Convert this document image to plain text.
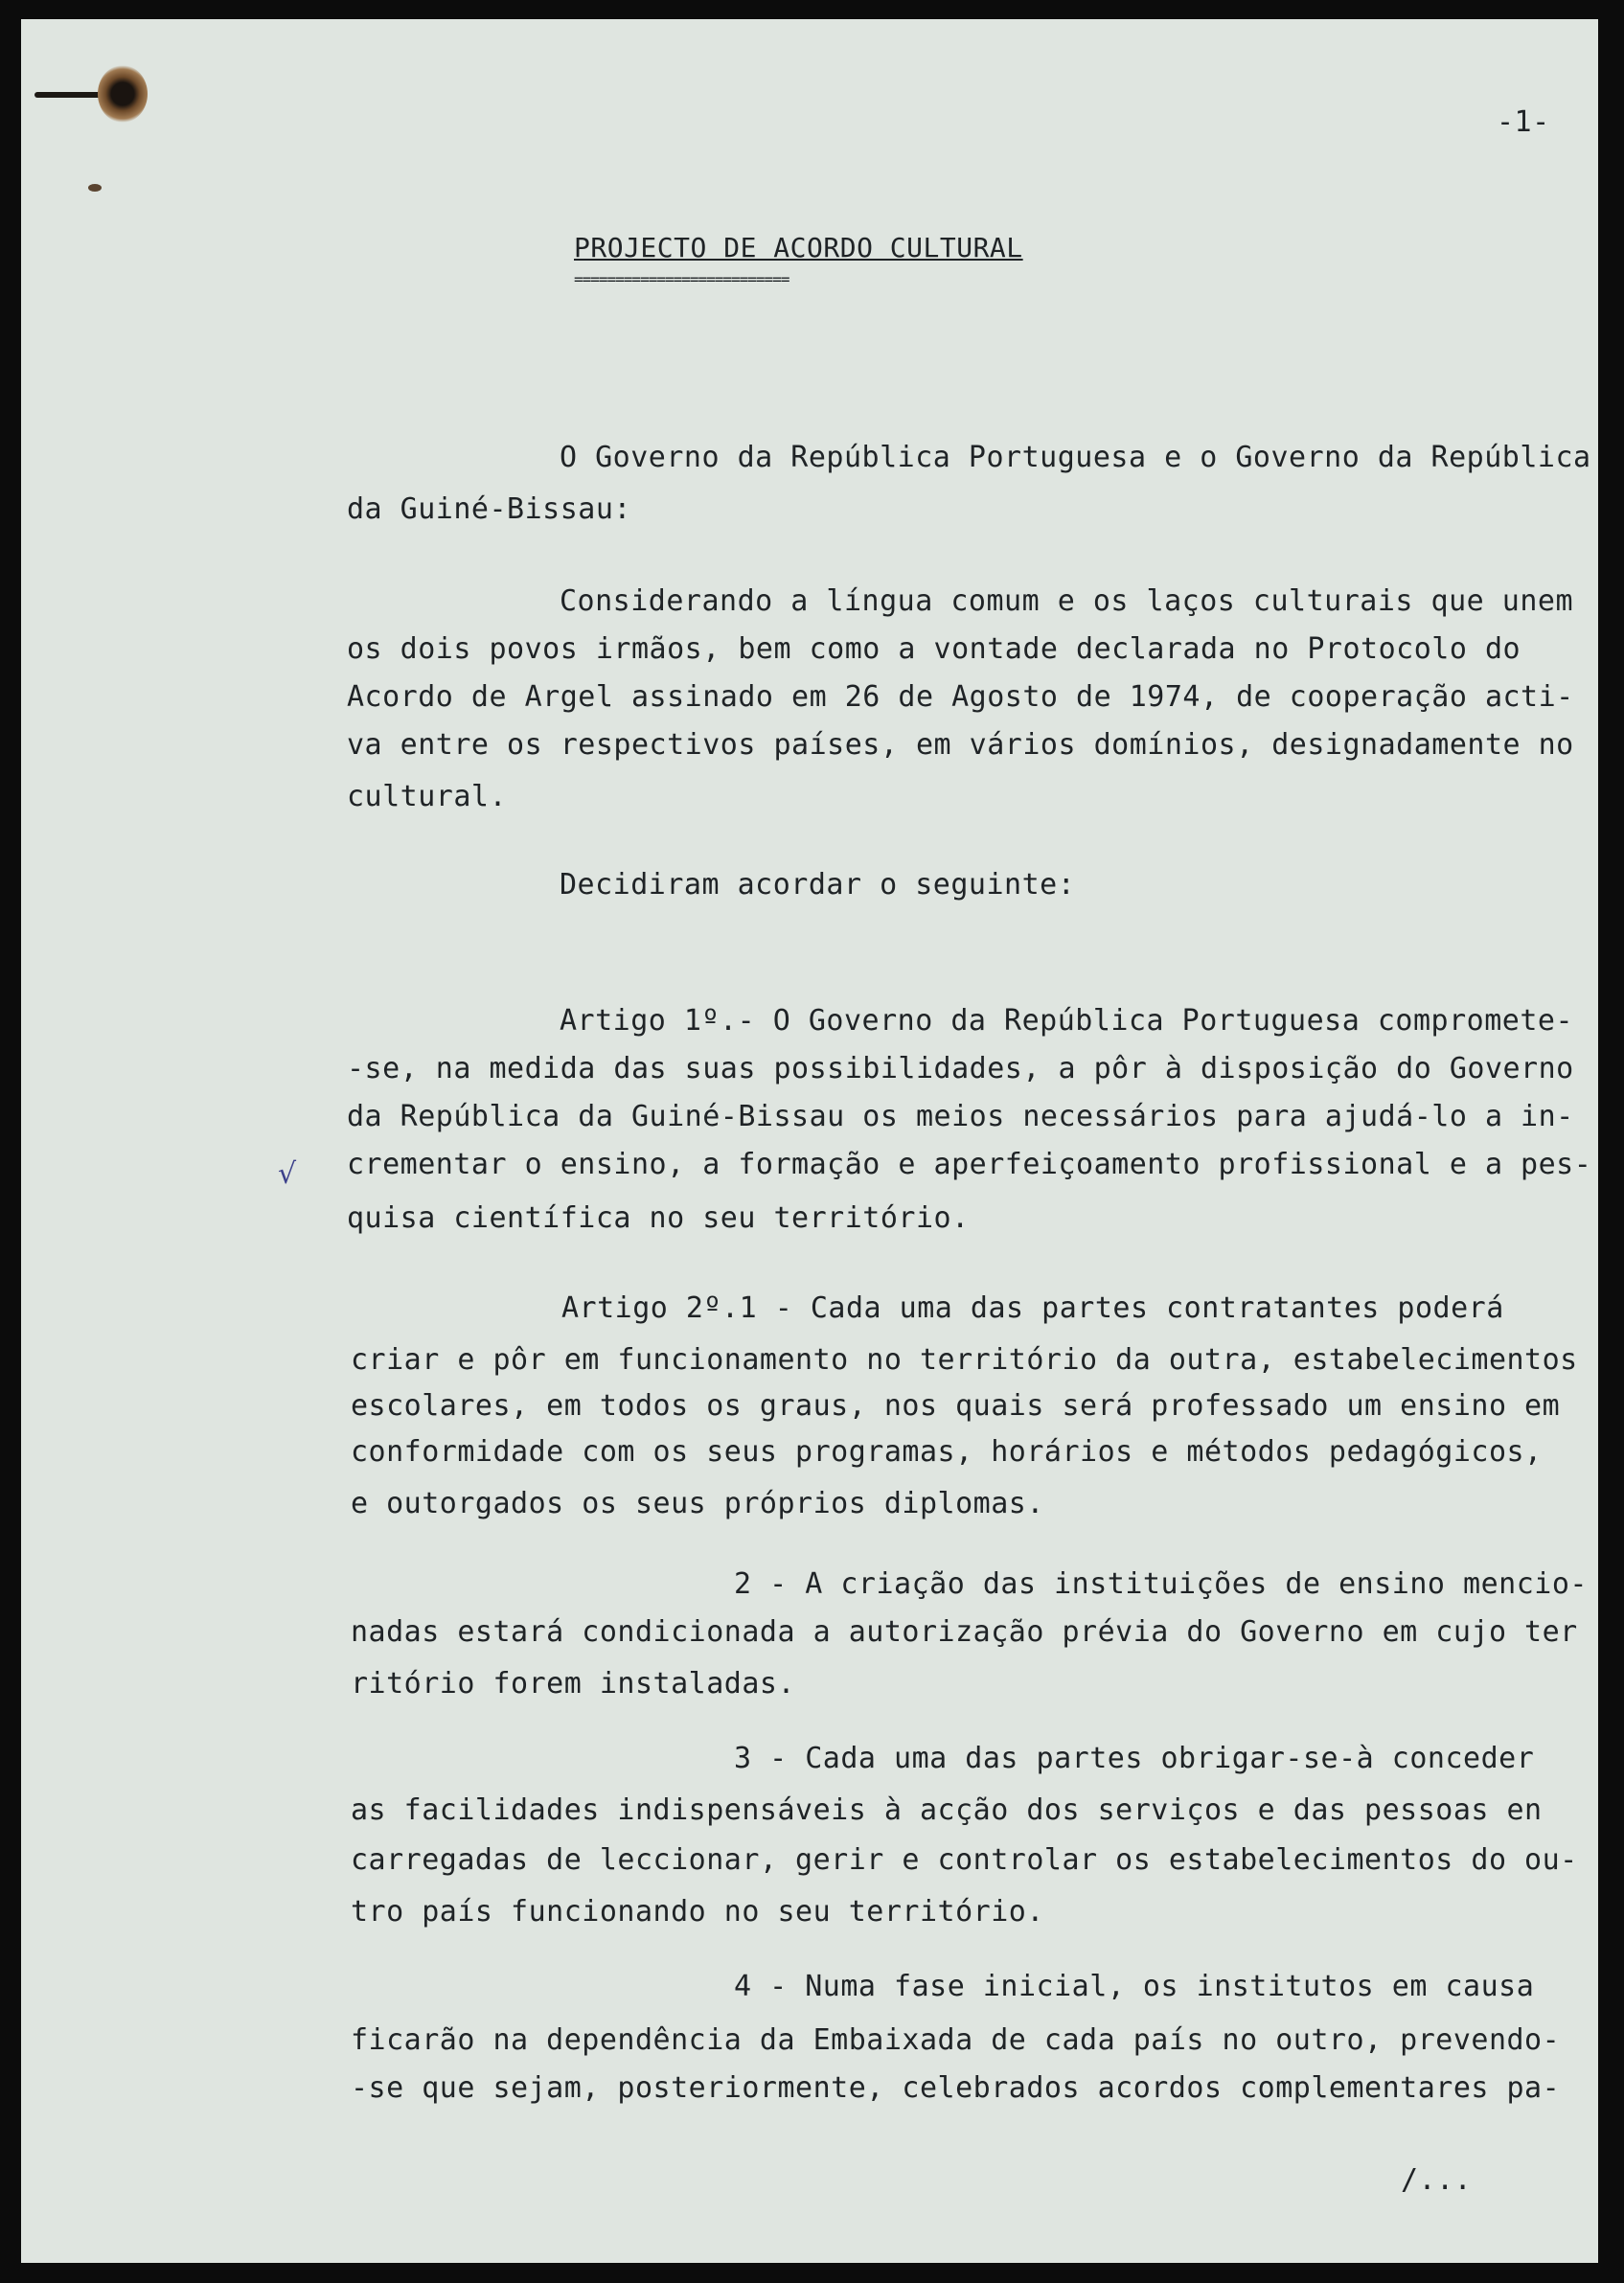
-1-
PROJECTO DE ACORDO CULTURAL
==========================
O Governo da República Portuguesa e o Governo da República
da Guiné-Bissau:
Considerando a língua comum e os laços culturais que unem
os dois povos irmãos, bem como a vontade declarada no Protocolo do
Acordo de Argel assinado em 26 de Agosto de 1974, de cooperação acti-
va entre os respectivos países, em vários domínios, designadamente no
cultural.
Decidiram acordar o seguinte:
Artigo 1º.- O Governo da República Portuguesa comprometе-
-se, na medida das suas possibilidades, a pôr à disposição do Governo
da República da Guiné-Bissau os meios necessários para ajudá-lo a in-
crementar o ensino, a formação e aperfeiçoamento profissional e a pes-
quisa científica no seu território.
Artigo 2º.1 - Cada uma das partes contratantes poderá
criar e pôr em funcionamento no território da outra, estabelecimentos
escolares, em todos os graus, nos quais será professado um ensino em
conformidade com os seus programas, horários e métodos pedagógicos,
e outorgados os seus próprios diplomas.
2 - A criação das instituições de ensino mencio-
nadas estará condicionada a autorização prévia do Governo em cujo ter
ritório forem instaladas.
3 - Cada uma das partes obrigar-se-à conceder
as facilidades indispensáveis à acção dos serviços e das pessoas en
carregadas de leccionar, gerir e controlar os estabelecimentos do ou-
tro país funcionando no seu território.
4 - Numa fase inicial, os institutos em causa
ficarão na dependência da Embaixada de cada país no outro, prevendo-
-se que sejam, posteriormente, celebrados acordos complementares pa-
√
/...
